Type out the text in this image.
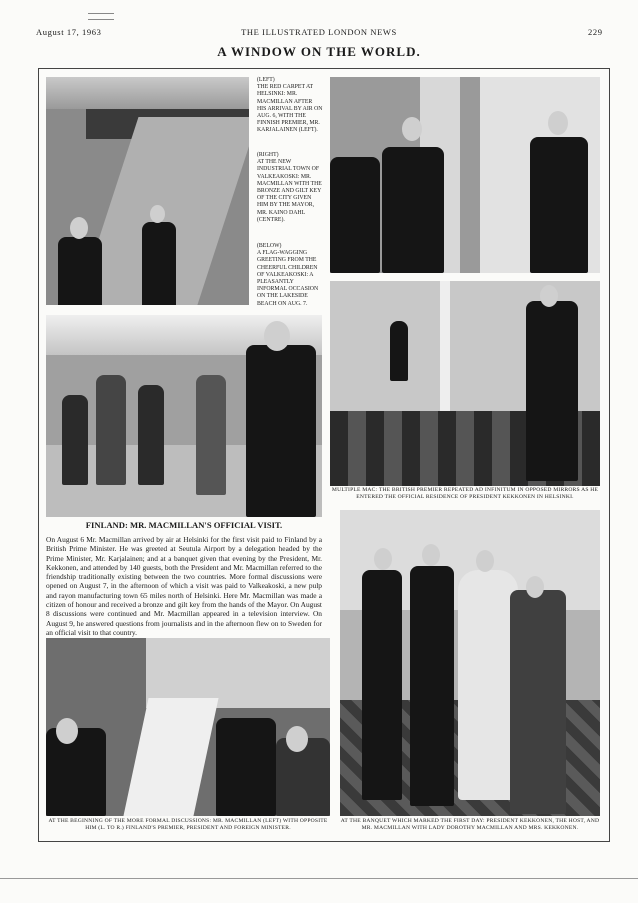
August 17, 1963	THE ILLUSTRATED LONDON NEWS	229
A WINDOW ON THE WORLD.
(LEFT)
THE RED CARPET AT HELSINKI: MR. MACMILLAN AFTER HIS ARRIVAL BY AIR ON AUG. 6, WITH THE FINNISH PREMIER, MR. KARJALAINEN (LEFT).
(RIGHT)
AT THE NEW INDUSTRIAL TOWN OF VALKEAKOSKI: MR. MACMILLAN WITH THE BRONZE AND GILT KEY OF THE CITY GIVEN HIM BY THE MAYOR, MR. KAINO DAHL (CENTRE).
(BELOW)
A FLAG-WAGGING GREETING FROM THE CHEERFUL CHILDREN OF VALKEAKOSKI: A PLEASANTLY INFORMAL OCCASION ON THE LAKESIDE BEACH ON AUG. 7.
MULTIPLE MAC: THE BRITISH PREMIER REPEATED AD INFINITUM IN OPPOSED MIRRORS AS HE ENTERED THE OFFICIAL RESIDENCE OF PRESIDENT KEKKONEN IN HELSINKI.
FINLAND: MR. MACMILLAN'S OFFICIAL VISIT.
On August 6 Mr. Macmillan arrived by air at Helsinki for the first visit paid to Finland by a British Prime Minister. He was greeted at Seutula Airport by a delegation headed by the Prime Minister, Mr. Karjalainen; and at a banquet given that evening by the President, Mr. Kekkonen, and attended by 140 guests, both the President and Mr. Macmillan referred to the friendship traditionally existing between the two countries. More formal discussions were opened on August 7, in the afternoon of which a visit was paid to Valkeakoski, a new pulp and rayon manufacturing town 65 miles north of Helsinki. Here Mr. Macmillan was made a citizen of honour and received a bronze and gilt key from the hands of the Mayor. On August 8 discussions were continued and Mr. Macmillan appeared in a television interview. On August 9, he answered questions from journalists and in the afternoon flew on to Sweden for an official visit to that country.
AT THE BEGINNING OF THE MORE FORMAL DISCUSSIONS: MR. MACMILLAN (LEFT) WITH OPPOSITE HIM (L. TO R.) FINLAND'S PREMIER, PRESIDENT AND FOREIGN MINISTER.
AT THE BANQUET WHICH MARKED THE FIRST DAY: PRESIDENT KEKKONEN, THE HOST, AND MR. MACMILLAN WITH LADY DOROTHY MACMILLAN AND MRS. KEKKONEN.
